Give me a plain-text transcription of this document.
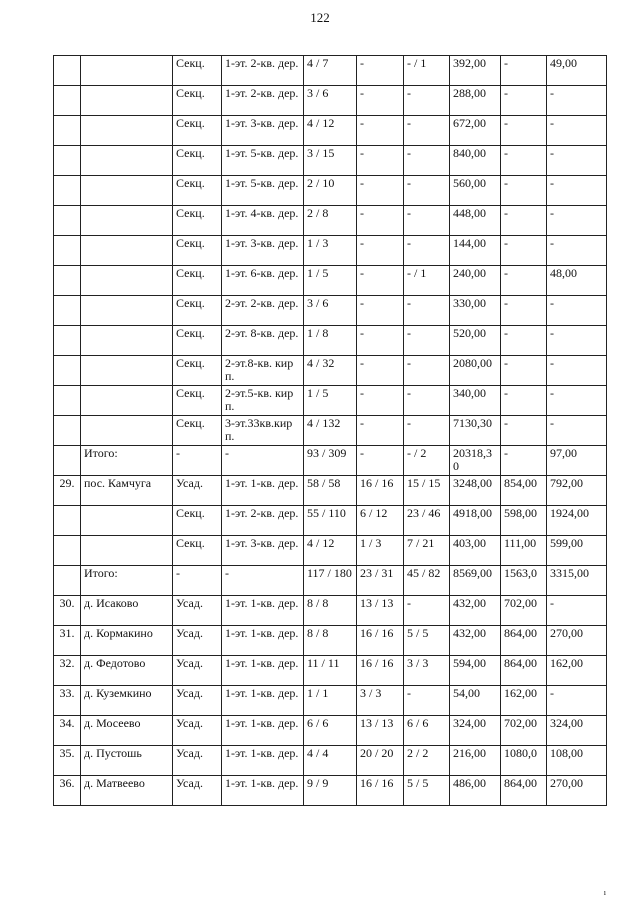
122
		Секц.	1-эт. 2-кв. дер.	4 / 7	-	- / 1	392,00	-	49,00
		Секц.	1-эт. 2-кв. дер.	3 / 6	-	-	288,00	-	-
		Секц.	1-эт. 3-кв. дер.	4 / 12	-	-	672,00	-	-
		Секц.	1-эт. 5-кв. дер.	3 / 15	-	-	840,00	-	-
		Секц.	1-эт. 5-кв. дер.	2 / 10	-	-	560,00	-	-
		Секц.	1-эт. 4-кв. дер.	2 / 8	-	-	448,00	-	-
		Секц.	1-эт. 3-кв. дер.	1 / 3	-	-	144,00	-	-
		Секц.	1-эт. 6-кв. дер.	1 / 5	-	- / 1	240,00	-	48,00
		Секц.	2-эт. 2-кв. дер.	3 / 6	-	-	330,00	-	-
		Секц.	2-эт. 8-кв. дер.	1 / 8	-	-	520,00	-	-
		Секц.	2-эт.8-кв. кирп.	4 / 32	-	-	2080,00	-	-
		Секц.	2-эт.5-кв. кирп.	1 / 5	-	-	340,00	-	-
		Секц.	3-эт.33кв.кирп.	4 / 132	-	-	7130,30	-	-
	Итого:	-	-	93 / 309	-	- / 2	20318,30	-	97,00
29.	пос. Камчуга	Усад.	1-эт. 1-кв. дер.	58 / 58	16 / 16	15 / 15	3248,00	854,00	792,00
		Секц.	1-эт. 2-кв. дер.	55 / 110	6 / 12	23 / 46	4918,00	598,00	1924,00
		Секц.	1-эт. 3-кв. дер.	4 / 12	1 / 3	7 / 21	403,00	111,00	599,00
	Итого:	-	-	117 / 180	23 / 31	45 / 82	8569,00	1563,0	3315,00
30.	д. Исаково	Усад.	1-эт. 1-кв. дер.	8 / 8	13 / 13	-	432,00	702,00	-
31.	д. Кормакино	Усад.	1-эт. 1-кв. дер.	8 / 8	16 / 16	5 / 5	432,00	864,00	270,00
32.	д. Федотово	Усад.	1-эт. 1-кв. дер.	11 / 11	16 / 16	3 / 3	594,00	864,00	162,00
33.	д. Куземкино	Усад.	1-эт. 1-кв. дер.	1 / 1	3 / 3	-	54,00	162,00	-
34.	д. Мосеево	Усад.	1-эт. 1-кв. дер.	6 / 6	13 / 13	6 / 6	324,00	702,00	324,00
35.	д. Пустошь	Усад.	1-эт. 1-кв. дер.	4 / 4	20 / 20	2 / 2	216,00	1080,0	108,00
36.	д. Матвеево	Усад.	1-эт. 1-кв. дер.	9 / 9	16 / 16	5 / 5	486,00	864,00	270,00
ı
